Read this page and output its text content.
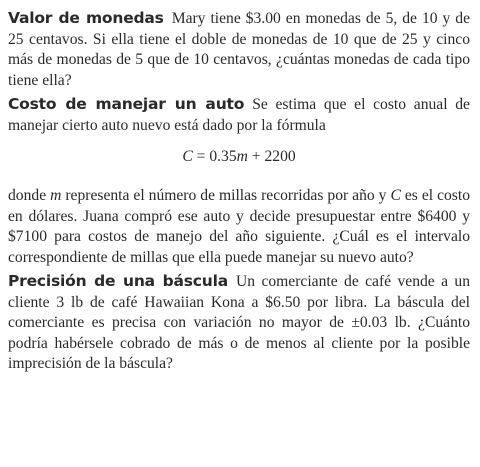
Valor de monedas Mary tiene $3.00 en monedas de 5, de 10 y de 25 centavos. Si ella tiene el doble de monedas de 10 que de 25 y cinco más de monedas de 5 que de 10 centavos, ¿cuántas monedas de cada tipo tiene ella?

Costo de manejar un auto Se estima que el costo anual de manejar cierto auto nuevo está dado por la fórmula

C = 0.35m + 2200

donde m representa el número de millas recorridas por año y C es el costo en dólares. Juana compró ese auto y decide presupuestar entre $6400 y $7100 para costos de manejo del año siguiente. ¿Cuál es el intervalo correspondiente de millas que ella puede manejar su nuevo auto?

Precisión de una báscula Un comerciante de café vende a un cliente 3 lb de café Hawaiian Kona a $6.50 por libra. La báscula del comerciante es precisa con variación no mayor de ±0.03 lb. ¿Cuánto podría habérsele cobrado de más o de menos al cliente por la posible imprecisión de la báscula?
